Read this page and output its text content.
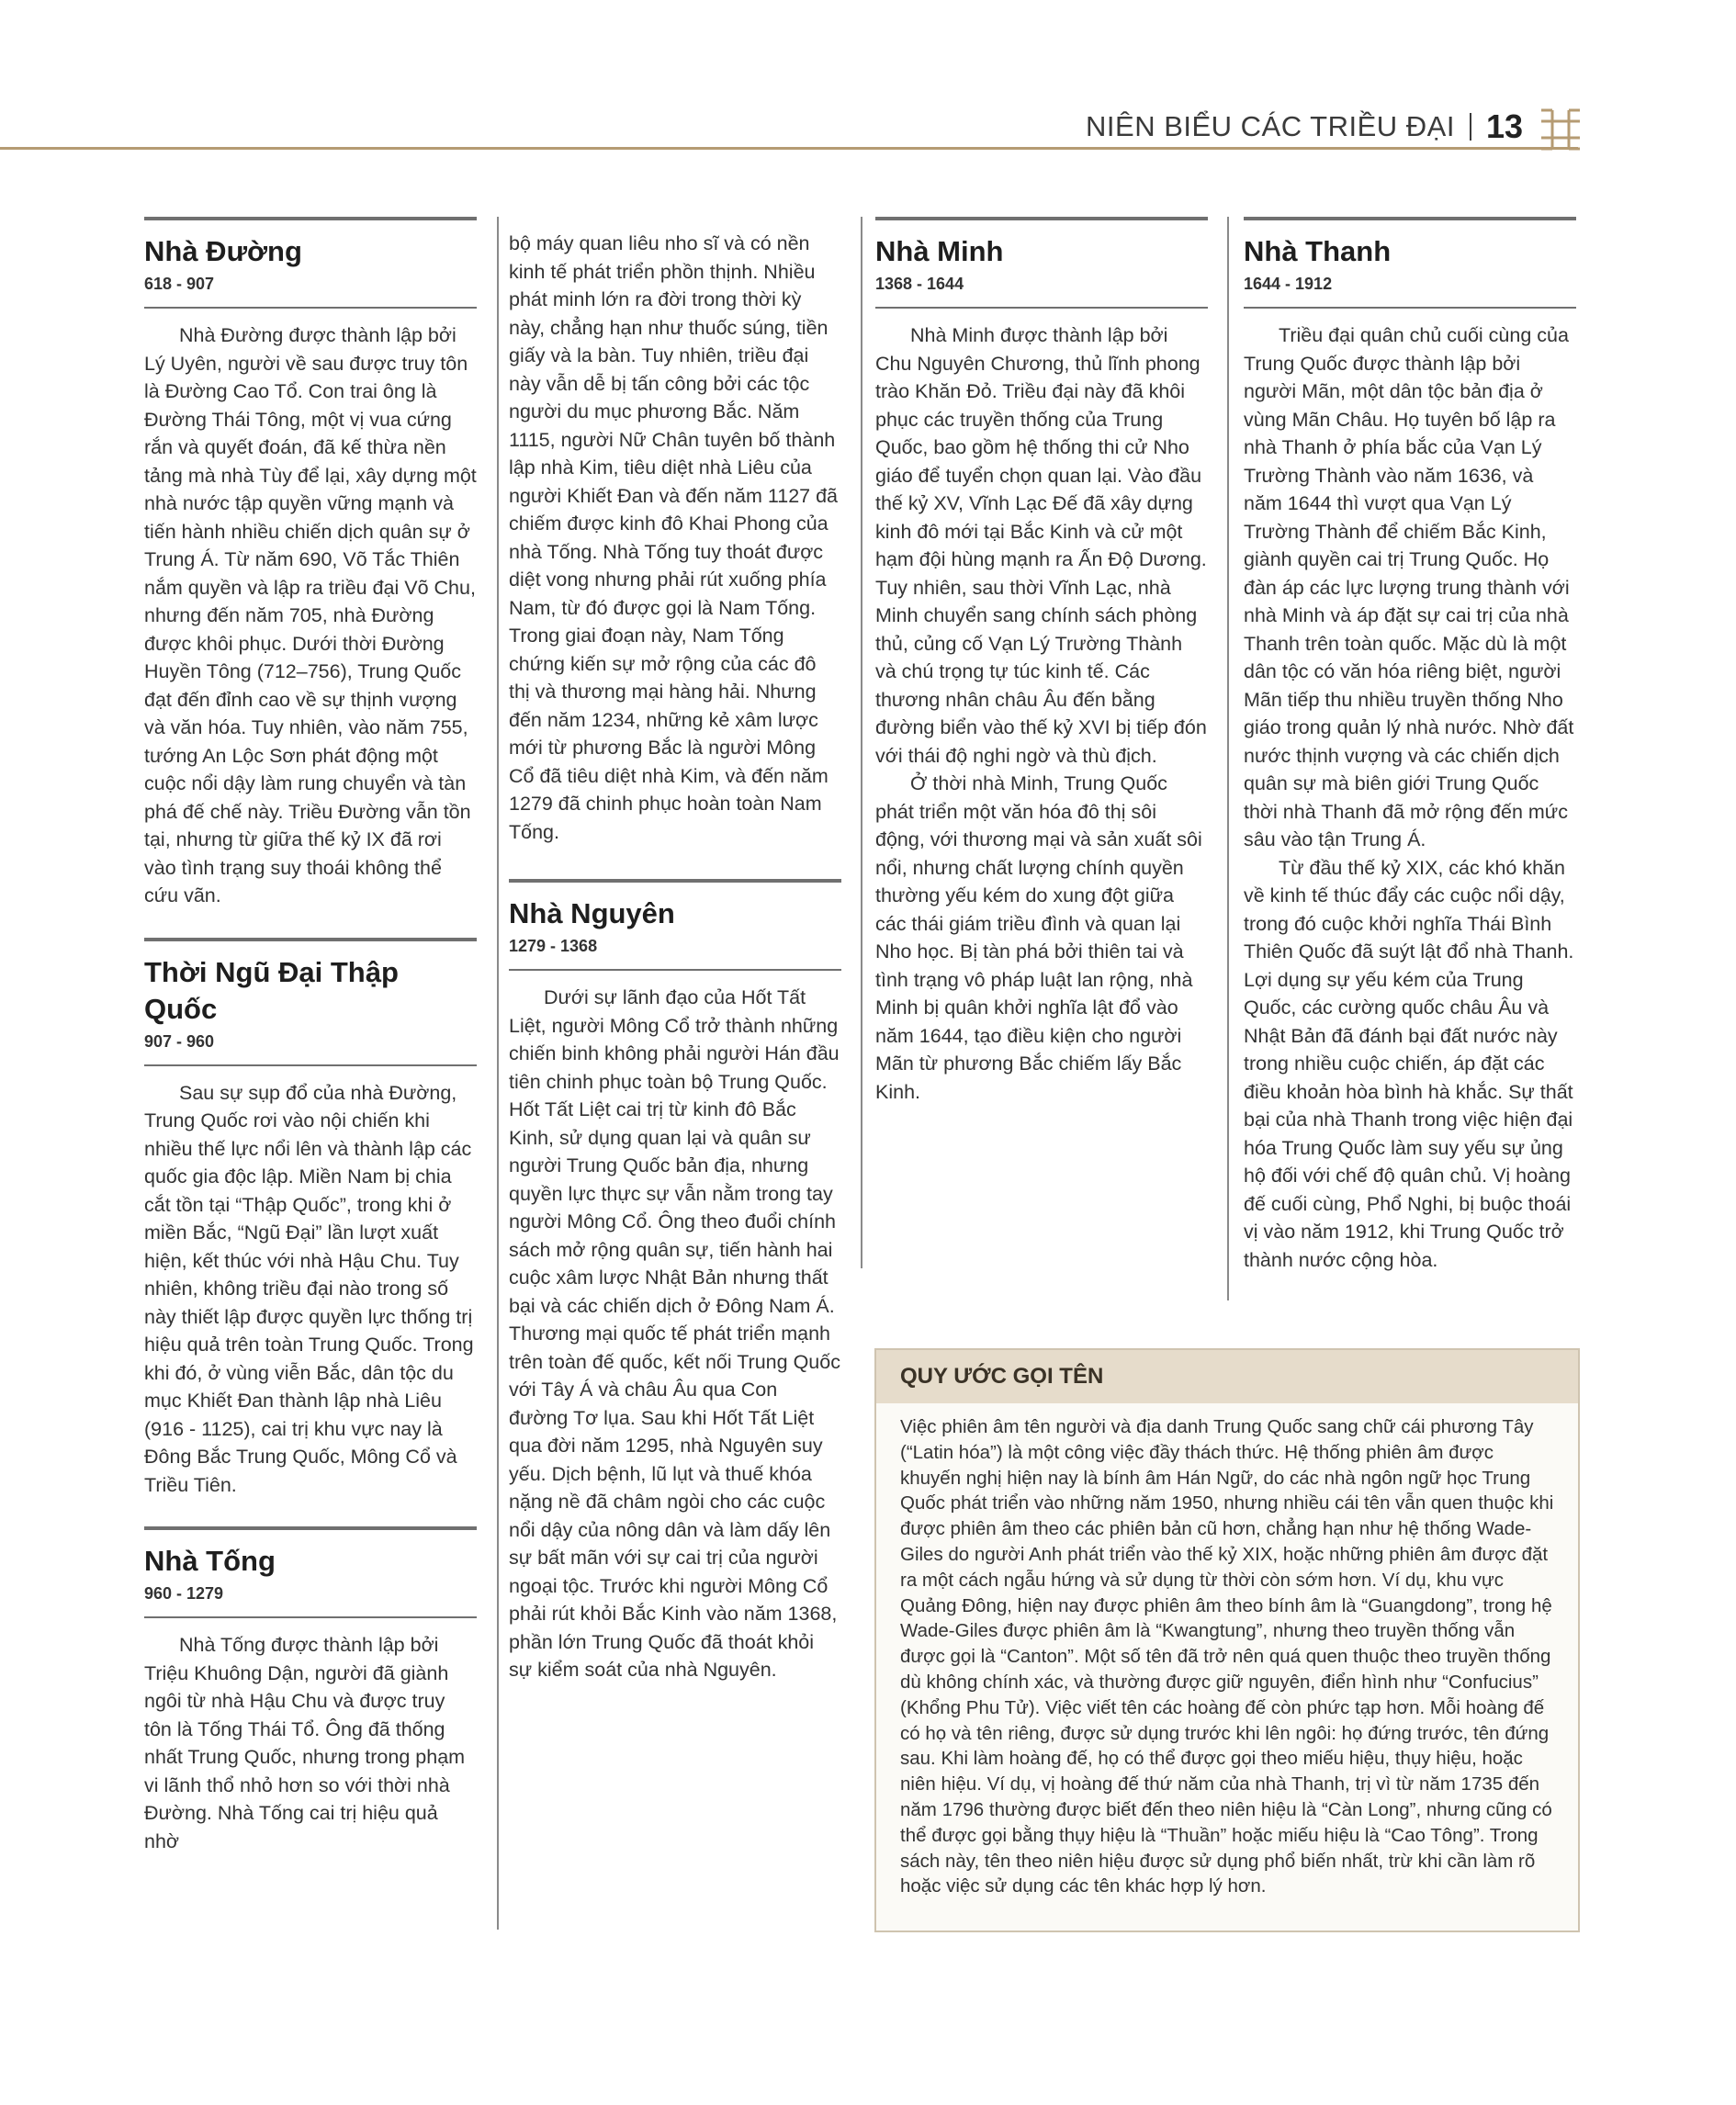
NIÊN BIỂU CÁC TRIỀU ĐẠI 13
Nhà Đường
618 - 907

Nhà Đường được thành lập bởi Lý Uyên, người về sau được truy tôn là Đường Cao Tổ. Con trai ông là Đường Thái Tông, một vị vua cứng rắn và quyết đoán, đã kế thừa nền tảng mà nhà Tùy để lại, xây dựng một nhà nước tập quyền vững mạnh và tiến hành nhiều chiến dịch quân sự ở Trung Á. Từ năm 690, Võ Tắc Thiên nắm quyền và lập ra triều đại Võ Chu, nhưng đến năm 705, nhà Đường được khôi phục. Dưới thời Đường Huyền Tông (712–756), Trung Quốc đạt đến đỉnh cao về sự thịnh vượng và văn hóa. Tuy nhiên, vào năm 755, tướng An Lộc Sơn phát động một cuộc nổi dậy làm rung chuyển và tàn phá đế chế này. Triều Đường vẫn tồn tại, nhưng từ giữa thế kỷ IX đã rơi vào tình trạng suy thoái không thể cứu vãn.

Thời Ngũ Đại Thập Quốc
907 - 960

Sau sự sụp đổ của nhà Đường, Trung Quốc rơi vào nội chiến khi nhiều thế lực nổi lên và thành lập các quốc gia độc lập. Miền Nam bị chia cắt tồn tại “Thập Quốc”, trong khi ở miền Bắc, “Ngũ Đại” lần lượt xuất hiện, kết thúc với nhà Hậu Chu. Tuy nhiên, không triều đại nào trong số này thiết lập được quyền lực thống trị hiệu quả trên toàn Trung Quốc. Trong khi đó, ở vùng viễn Bắc, dân tộc du mục Khiết Đan thành lập nhà Liêu (916 - 1125), cai trị khu vực nay là Đông Bắc Trung Quốc, Mông Cổ và Triều Tiên.

Nhà Tống
960 - 1279

Nhà Tống được thành lập bởi Triệu Khuông Dận, người đã giành ngôi từ nhà Hậu Chu và được truy tôn là Tống Thái Tổ. Ông đã thống nhất Trung Quốc, nhưng trong phạm vi lãnh thổ nhỏ hơn so với thời nhà Đường. Nhà Tống cai trị hiệu quả nhờ

bộ máy quan liêu nho sĩ và có nền kinh tế phát triển phồn thịnh. Nhiều phát minh lớn ra đời trong thời kỳ này, chẳng hạn như thuốc súng, tiền giấy và la bàn. Tuy nhiên, triều đại này vẫn dễ bị tấn công bởi các tộc người du mục phương Bắc. Năm 1115, người Nữ Chân tuyên bố thành lập nhà Kim, tiêu diệt nhà Liêu của người Khiết Đan và đến năm 1127 đã chiếm được kinh đô Khai Phong của nhà Tống. Nhà Tống tuy thoát được diệt vong nhưng phải rút xuống phía Nam, từ đó được gọi là Nam Tống. Trong giai đoạn này, Nam Tống chứng kiến sự mở rộng của các đô thị và thương mại hàng hải. Nhưng đến năm 1234, những kẻ xâm lược mới từ phương Bắc là người Mông Cổ đã tiêu diệt nhà Kim, và đến năm 1279 đã chinh phục hoàn toàn Nam Tống.

Nhà Nguyên
1279 - 1368

Dưới sự lãnh đạo của Hốt Tất Liệt, người Mông Cổ trở thành những chiến binh không phải người Hán đầu tiên chinh phục toàn bộ Trung Quốc. Hốt Tất Liệt cai trị từ kinh đô Bắc Kinh, sử dụng quan lại và quân sư người Trung Quốc bản địa, nhưng quyền lực thực sự vẫn nằm trong tay người Mông Cổ. Ông theo đuổi chính sách mở rộng quân sự, tiến hành hai cuộc xâm lược Nhật Bản nhưng thất bại và các chiến dịch ở Đông Nam Á. Thương mại quốc tế phát triển mạnh trên toàn đế quốc, kết nối Trung Quốc với Tây Á và châu Âu qua Con đường Tơ lụa. Sau khi Hốt Tất Liệt qua đời năm 1295, nhà Nguyên suy yếu. Dịch bệnh, lũ lụt và thuế khóa nặng nề đã châm ngòi cho các cuộc nổi dậy của nông dân và làm dấy lên sự bất mãn với sự cai trị của người ngoại tộc. Trước khi người Mông Cổ phải rút khỏi Bắc Kinh vào năm 1368, phần lớn Trung Quốc đã thoát khỏi sự kiểm soát của nhà Nguyên.

Nhà Minh
1368 - 1644

Nhà Minh được thành lập bởi Chu Nguyên Chương, thủ lĩnh phong trào Khăn Đỏ. Triều đại này đã khôi phục các truyền thống của Trung Quốc, bao gồm hệ thống thi cử Nho giáo để tuyển chọn quan lại. Vào đầu thế kỷ XV, Vĩnh Lạc Đế đã xây dựng kinh đô mới tại Bắc Kinh và cử một hạm đội hùng mạnh ra Ấn Độ Dương. Tuy nhiên, sau thời Vĩnh Lạc, nhà Minh chuyển sang chính sách phòng thủ, củng cố Vạn Lý Trường Thành và chú trọng tự túc kinh tế. Các thương nhân châu Âu đến bằng đường biển vào thế kỷ XVI bị tiếp đón với thái độ nghi ngờ và thù địch.

Ở thời nhà Minh, Trung Quốc phát triển một văn hóa đô thị sôi động, với thương mại và sản xuất sôi nổi, nhưng chất lượng chính quyền thường yếu kém do xung đột giữa các thái giám triều đình và quan lại Nho học. Bị tàn phá bởi thiên tai và tình trạng vô pháp luật lan rộng, nhà Minh bị quân khởi nghĩa lật đổ vào năm 1644, tạo điều kiện cho người Mãn từ phương Bắc chiếm lấy Bắc Kinh.

Nhà Thanh
1644 - 1912

Triều đại quân chủ cuối cùng của Trung Quốc được thành lập bởi người Mãn, một dân tộc bản địa ở vùng Mãn Châu. Họ tuyên bố lập ra nhà Thanh ở phía bắc của Vạn Lý Trường Thành vào năm 1636, và năm 1644 thì vượt qua Vạn Lý Trường Thành để chiếm Bắc Kinh, giành quyền cai trị Trung Quốc. Họ đàn áp các lực lượng trung thành với nhà Minh và áp đặt sự cai trị của nhà Thanh trên toàn quốc. Mặc dù là một dân tộc có văn hóa riêng biệt, người Mãn tiếp thu nhiều truyền thống Nho giáo trong quản lý nhà nước. Nhờ đất nước thịnh vượng và các chiến dịch quân sự mà biên giới Trung Quốc thời nhà Thanh đã mở rộng đến mức sâu vào tận Trung Á.

Từ đầu thế kỷ XIX, các khó khăn về kinh tế thúc đẩy các cuộc nổi dậy, trong đó cuộc khởi nghĩa Thái Bình Thiên Quốc đã suýt lật đổ nhà Thanh. Lợi dụng sự yếu kém của Trung Quốc, các cường quốc châu Âu và Nhật Bản đã đánh bại đất nước này trong nhiều cuộc chiến, áp đặt các điều khoản hòa bình hà khắc. Sự thất bại của nhà Thanh trong việc hiện đại hóa Trung Quốc làm suy yếu sự ủng hộ đối với chế độ quân chủ. Vị hoàng đế cuối cùng, Phổ Nghi, bị buộc thoái vị vào năm 1912, khi Trung Quốc trở thành nước cộng hòa.

QUY ƯỚC GỌI TÊN
Việc phiên âm tên người và địa danh Trung Quốc sang chữ cái phương Tây (“Latin hóa”) là một công việc đầy thách thức. Hệ thống phiên âm được khuyến nghị hiện nay là bính âm Hán Ngữ, do các nhà ngôn ngữ học Trung Quốc phát triển vào những năm 1950, nhưng nhiều cái tên vẫn quen thuộc khi được phiên âm theo các phiên bản cũ hơn, chẳng hạn như hệ thống Wade-Giles do người Anh phát triển vào thế kỷ XIX, hoặc những phiên âm được đặt ra một cách ngẫu hứng và sử dụng từ thời còn sớm hơn. Ví dụ, khu vực Quảng Đông, hiện nay được phiên âm theo bính âm là “Guangdong”, trong hệ Wade-Giles được phiên âm là “Kwangtung”, nhưng theo truyền thống vẫn được gọi là “Canton”. Một số tên đã trở nên quá quen thuộc theo truyền thống dù không chính xác, và thường được giữ nguyên, điển hình như “Confucius” (Khổng Phu Tử). Việc viết tên các hoàng đế còn phức tạp hơn. Mỗi hoàng đế có họ và tên riêng, được sử dụng trước khi lên ngôi: họ đứng trước, tên đứng sau. Khi làm hoàng đế, họ có thể được gọi theo miếu hiệu, thụy hiệu, hoặc niên hiệu. Ví dụ, vị hoàng đế thứ năm của nhà Thanh, trị vì từ năm 1735 đến năm 1796 thường được biết đến theo niên hiệu là “Càn Long”, nhưng cũng có thể được gọi bằng thụy hiệu là “Thuần” hoặc miếu hiệu là “Cao Tông”. Trong sách này, tên theo niên hiệu được sử dụng phổ biến nhất, trừ khi cần làm rõ hoặc việc sử dụng các tên khác hợp lý hơn.
